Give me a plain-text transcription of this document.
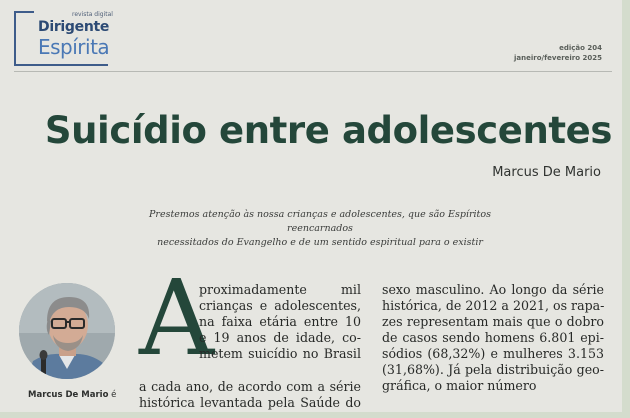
revista digital
Dirigente
Espírita	edição 204
janeiro/fevereiro 2025
Suicídio entre adolescentes
Marcus De Mario
Prestemos atenção às nossa crianças e adolescentes, que são Espíritos reencarnados
necessitados do Evangelho e de um sentido espiritual para o existir
Marcus De Mario é
A
proximadamente mil
crianças e adolescentes,
na faixa etária entre 10
e 19 anos de idade, co-
metem suicídio no Brasil
a cada ano, de acordo com a série
histórica levantada pela Saúde do
sexo masculino. Ao longo da série
histórica, de 2012 a 2021, os rapa-
zes representam mais que o dobro
de casos sendo homens 6.801 epi-
sódios (68,32%) e mulheres 3.153
(31,68%). Já pela distribuição geo-
gráfica, o maior número
